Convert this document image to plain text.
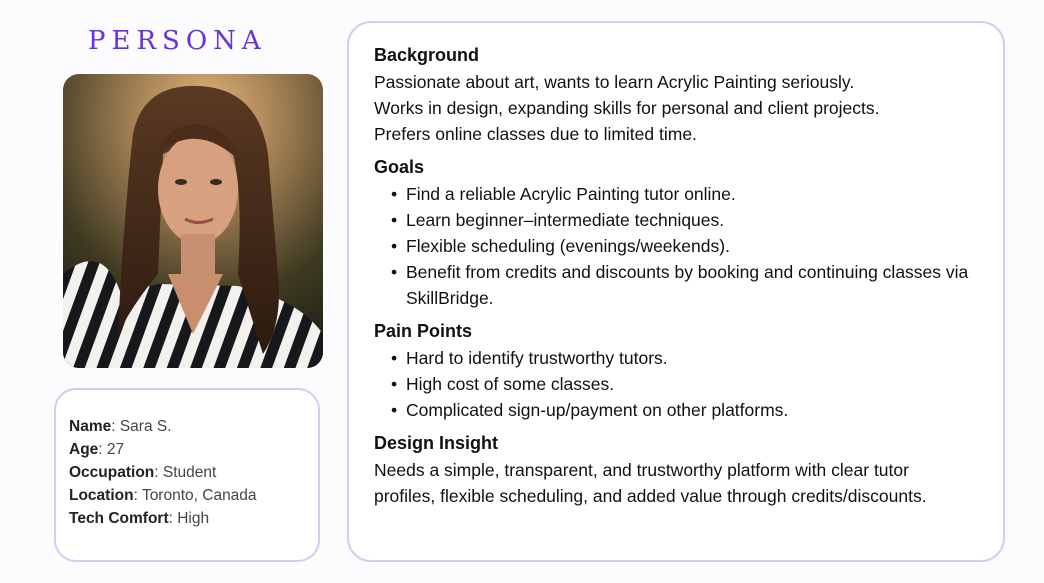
PERSONA
Name: Sara S.
Age: 27
Occupation: Student
Location: Toronto, Canada
Tech Comfort: High
Background

Passionate about art, wants to learn Acrylic Painting seriously.

Works in design, expanding skills for personal and client projects.

Prefers online classes due to limited time.

Goals
• Find a reliable Acrylic Painting tutor online.
• Learn beginner–intermediate techniques.
• Flexible scheduling (evenings/weekends).
• Benefit from credits and discounts by booking and continuing classes via SkillBridge.
Pain Points
• Hard to identify trustworthy tutors.
• High cost of some classes.
• Complicated sign-up/payment on other platforms.
Design Insight

Needs a simple, transparent, and trustworthy platform with clear tutor profiles, flexible scheduling, and added value through credits/discounts.
